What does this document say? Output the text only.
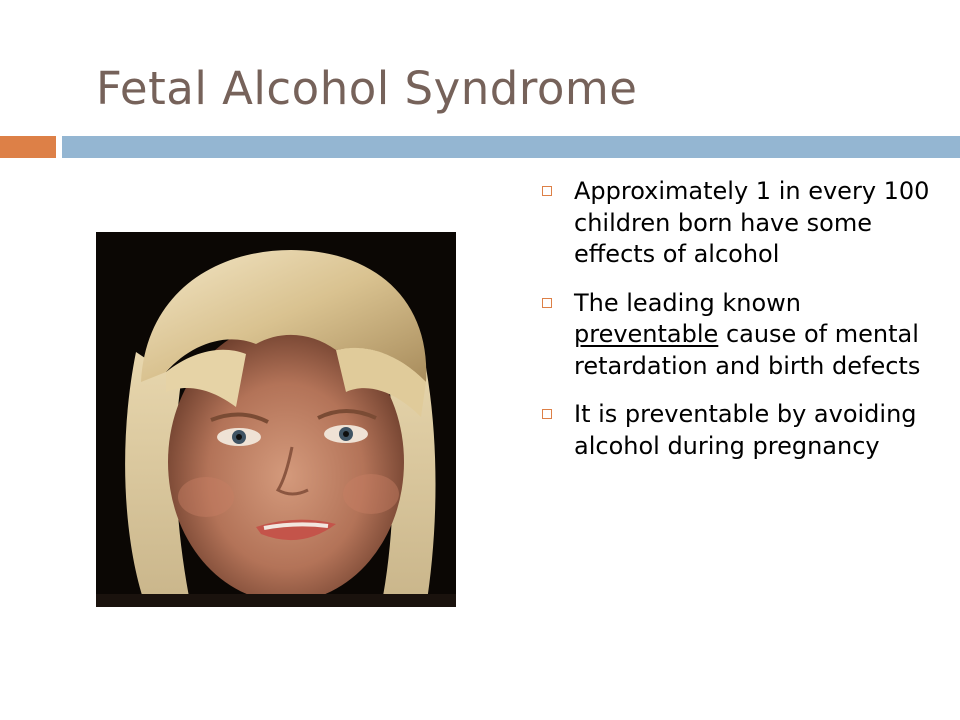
Fetal Alcohol Syndrome
Approximately 1 in every 100 children born have some effects of alcohol
The leading known preventable cause of mental retardation and birth defects
It is preventable by avoiding alcohol during pregnancy
